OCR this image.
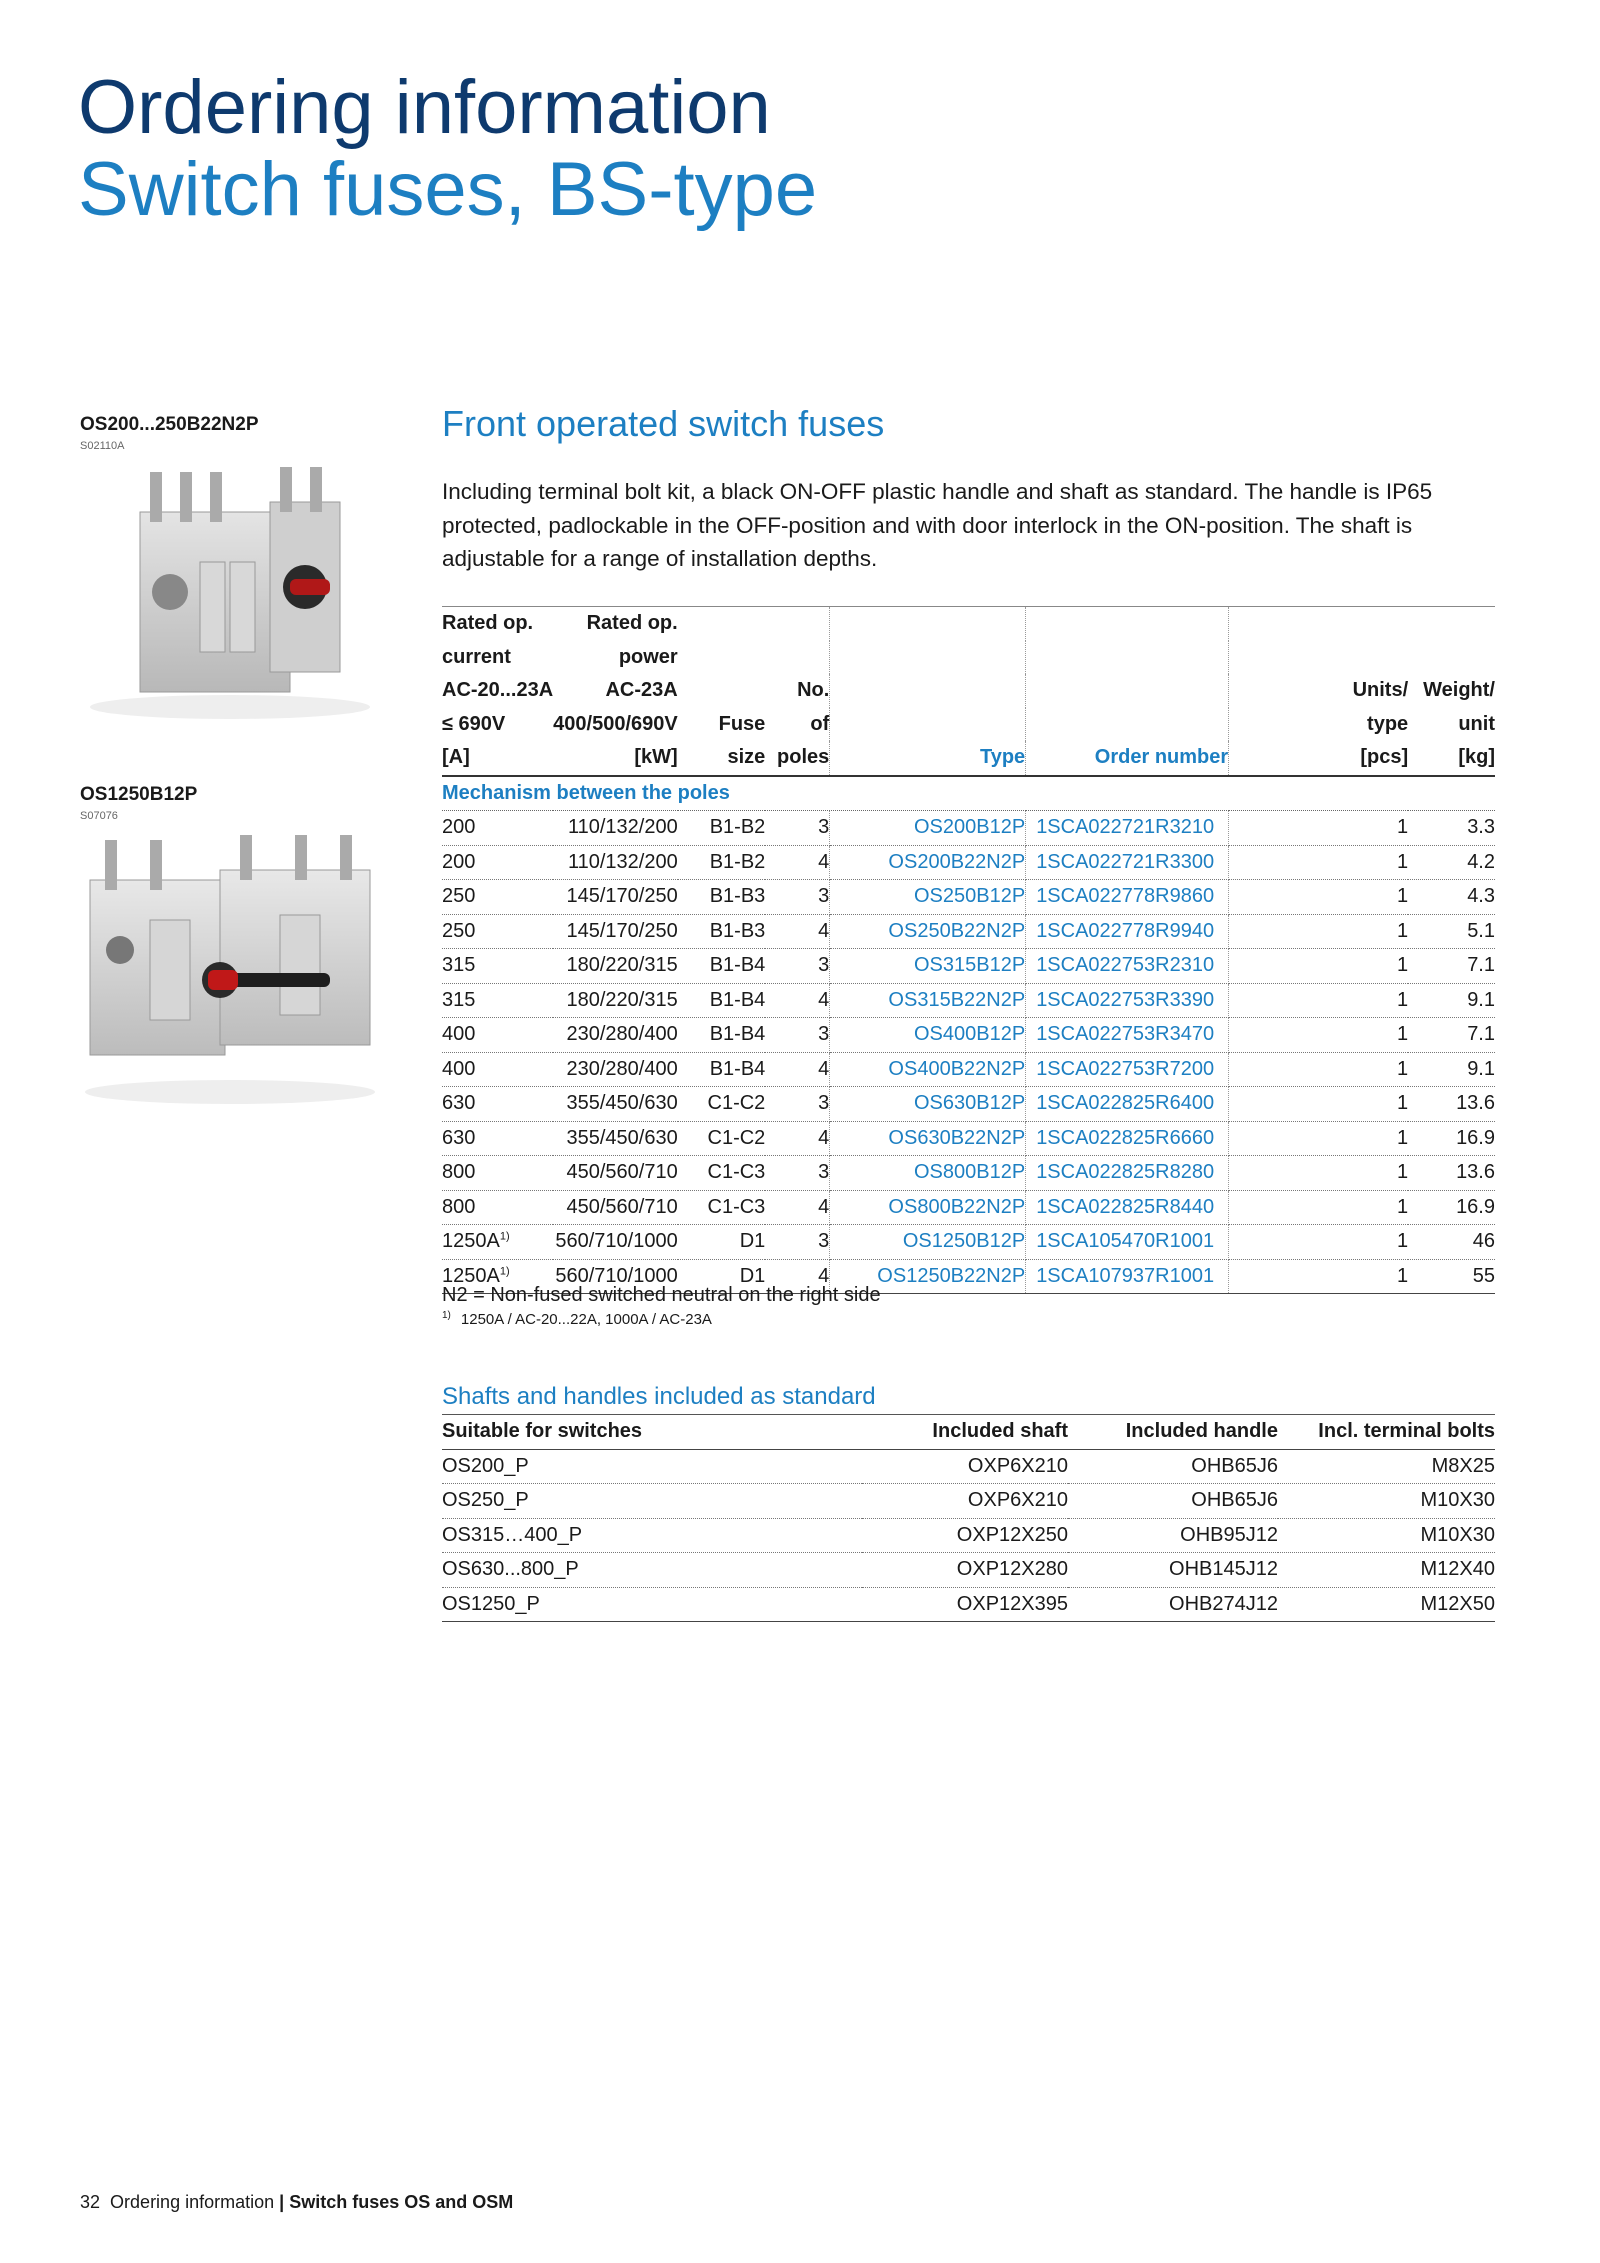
Ordering information
Switch fuses, BS-type
OS200...250B22N2P
S02110A
OS1250B12P
S07076
Front operated switch fuses

Including terminal bolt kit, a black ON-OFF plastic handle and shaft as standard. The handle is IP65 protected, padlockable in the OFF-position and with door interlock in the ON-position. The shaft is adjustable for a range of installation depths.

Rated op.	Rated op.						
current	power						
AC-20...23A	AC-23A		No.			Units/	Weight/
≤ 690V	400/500/690V	Fuse	of			type	unit
[A]	[kW]	size	poles	Type	Order number	[pcs]	[kg]
Mechanism between the poles							
200	110/132/200	B1-B2	3	OS200B12P	1SCA022721R3210	1	3.3
200	110/132/200	B1-B2	4	OS200B22N2P	1SCA022721R3300	1	4.2
250	145/170/250	B1-B3	3	OS250B12P	1SCA022778R9860	1	4.3
250	145/170/250	B1-B3	4	OS250B22N2P	1SCA022778R9940	1	5.1
315	180/220/315	B1-B4	3	OS315B12P	1SCA022753R2310	1	7.1
315	180/220/315	B1-B4	4	OS315B22N2P	1SCA022753R3390	1	9.1
400	230/280/400	B1-B4	3	OS400B12P	1SCA022753R3470	1	7.1
400	230/280/400	B1-B4	4	OS400B22N2P	1SCA022753R7200	1	9.1
630	355/450/630	C1-C2	3	OS630B12P	1SCA022825R6400	1	13.6
630	355/450/630	C1-C2	4	OS630B22N2P	1SCA022825R6660	1	16.9
800	450/560/710	C1-C3	3	OS800B12P	1SCA022825R8280	1	13.6
800	450/560/710	C1-C3	4	OS800B22N2P	1SCA022825R8440	1	16.9
$1250A^{1)}$	560/710/1000	D1	3	OS1250B12P	1SCA105470R1001	1	46
$1250A^{1)}$	560/710/1000	D1	4	OS1250B22N2P	1SCA107937R1001	1	55
N2 = Non-fused switched neutral on the right side
$^{1)}$ 1250A / AC-20...22A, 1000A / AC-23A
Shafts and handles included as standard
Suitable for switches	Included shaft	Included handle	Incl. terminal bolts
OS200_P	OXP6X210	OHB65J6	M8X25
OS250_P	OXP6X210	OHB65J6	M10X30
OS315…400_P	OXP12X250	OHB95J12	M10X30
OS630...800_P	OXP12X280	OHB145J12	M12X40
OS1250_P	OXP12X395	OHB274J12	M12X50
32 Ordering information | Switch fuses OS and OSM
